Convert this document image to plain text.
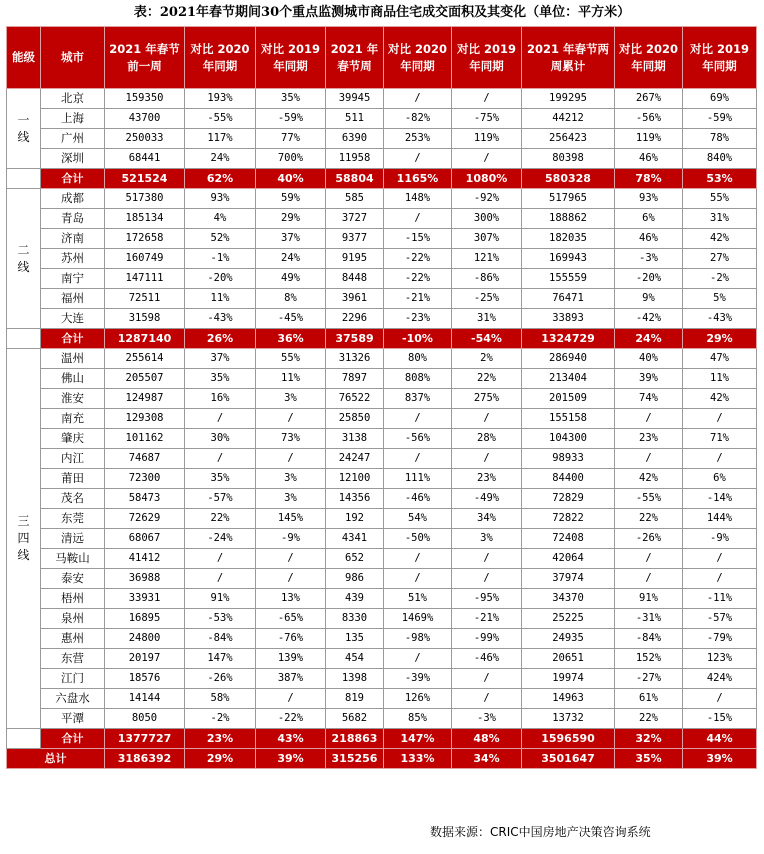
表：2021年春节期间30个重点监测城市商品住宅成交面积及其变化（单位：平方米）
能级	城市	2021 年春节前一周	对比 2020 年同期	对比 2019 年同期	2021 年春节周	对比 2020 年同期	对比 2019 年同期	2021 年春节两周累计	对比 2020 年同期	对比 2019 年同期

一
线	北京	159350	193%	35%	39945	/	/	199295	267%	69%
	上海	43700	-55%	-59%	511	-82%	-75%	44212	-56%	-59%
	广州	250033	117%	77%	6390	253%	119%	256423	119%	78%
	深圳	68441	24%	700%	11958	/	/	80398	46%	840%
	合计	521524	62%	40%	58804	1165%	1080%	580328	78%	53%

二
线	成都	517380	93%	59%	585	148%	-92%	517965	93%	55%
	青岛	185134	4%	29%	3727	/	300%	188862	6%	31%
	济南	172658	52%	37%	9377	-15%	307%	182035	46%	42%
	苏州	160749	-1%	24%	9195	-22%	121%	169943	-3%	27%
	南宁	147111	-20%	49%	8448	-22%	-86%	155559	-20%	-2%
	福州	72511	11%	8%	3961	-21%	-25%	76471	9%	5%
	大连	31598	-43%	-45%	2296	-23%	31%	33893	-42%	-43%
	合计	1287140	26%	36%	37589	-10%	-54%	1324729	24%	29%

三
四
线	温州	255614	37%	55%	31326	80%	2%	286940	40%	47%
	佛山	205507	35%	11%	7897	808%	22%	213404	39%	11%
	淮安	124987	16%	3%	76522	837%	275%	201509	74%	42%
	南充	129308	/	/	25850	/	/	155158	/	/
	肇庆	101162	30%	73%	3138	-56%	28%	104300	23%	71%
	内江	74687	/	/	24247	/	/	98933	/	/
	莆田	72300	35%	3%	12100	111%	23%	84400	42%	6%
	茂名	58473	-57%	3%	14356	-46%	-49%	72829	-55%	-14%
	东莞	72629	22%	145%	192	54%	34%	72822	22%	144%
	清远	68067	-24%	-9%	4341	-50%	3%	72408	-26%	-9%
	马鞍山	41412	/	/	652	/	/	42064	/	/
	泰安	36988	/	/	986	/	/	37974	/	/
	梧州	33931	91%	13%	439	51%	-95%	34370	91%	-11%
	泉州	16895	-53%	-65%	8330	1469%	-21%	25225	-31%	-57%
	惠州	24800	-84%	-76%	135	-98%	-99%	24935	-84%	-79%
	东营	20197	147%	139%	454	/	-46%	20651	152%	123%
	江门	18576	-26%	387%	1398	-39%	/	19974	-27%	424%
	六盘水	14144	58%	/	819	126%	/	14963	61%	/
	平潭	8050	-2%	-22%	5682	85%	-3%	13732	22%	-15%
	合计	1377727	23%	43%	218863	147%	48%	1596590	32%	44%
总计		3186392	29%	39%	315256	133%	34%	3501647	35%	39%
数据来源：CRIC中国房地产决策咨询系统
